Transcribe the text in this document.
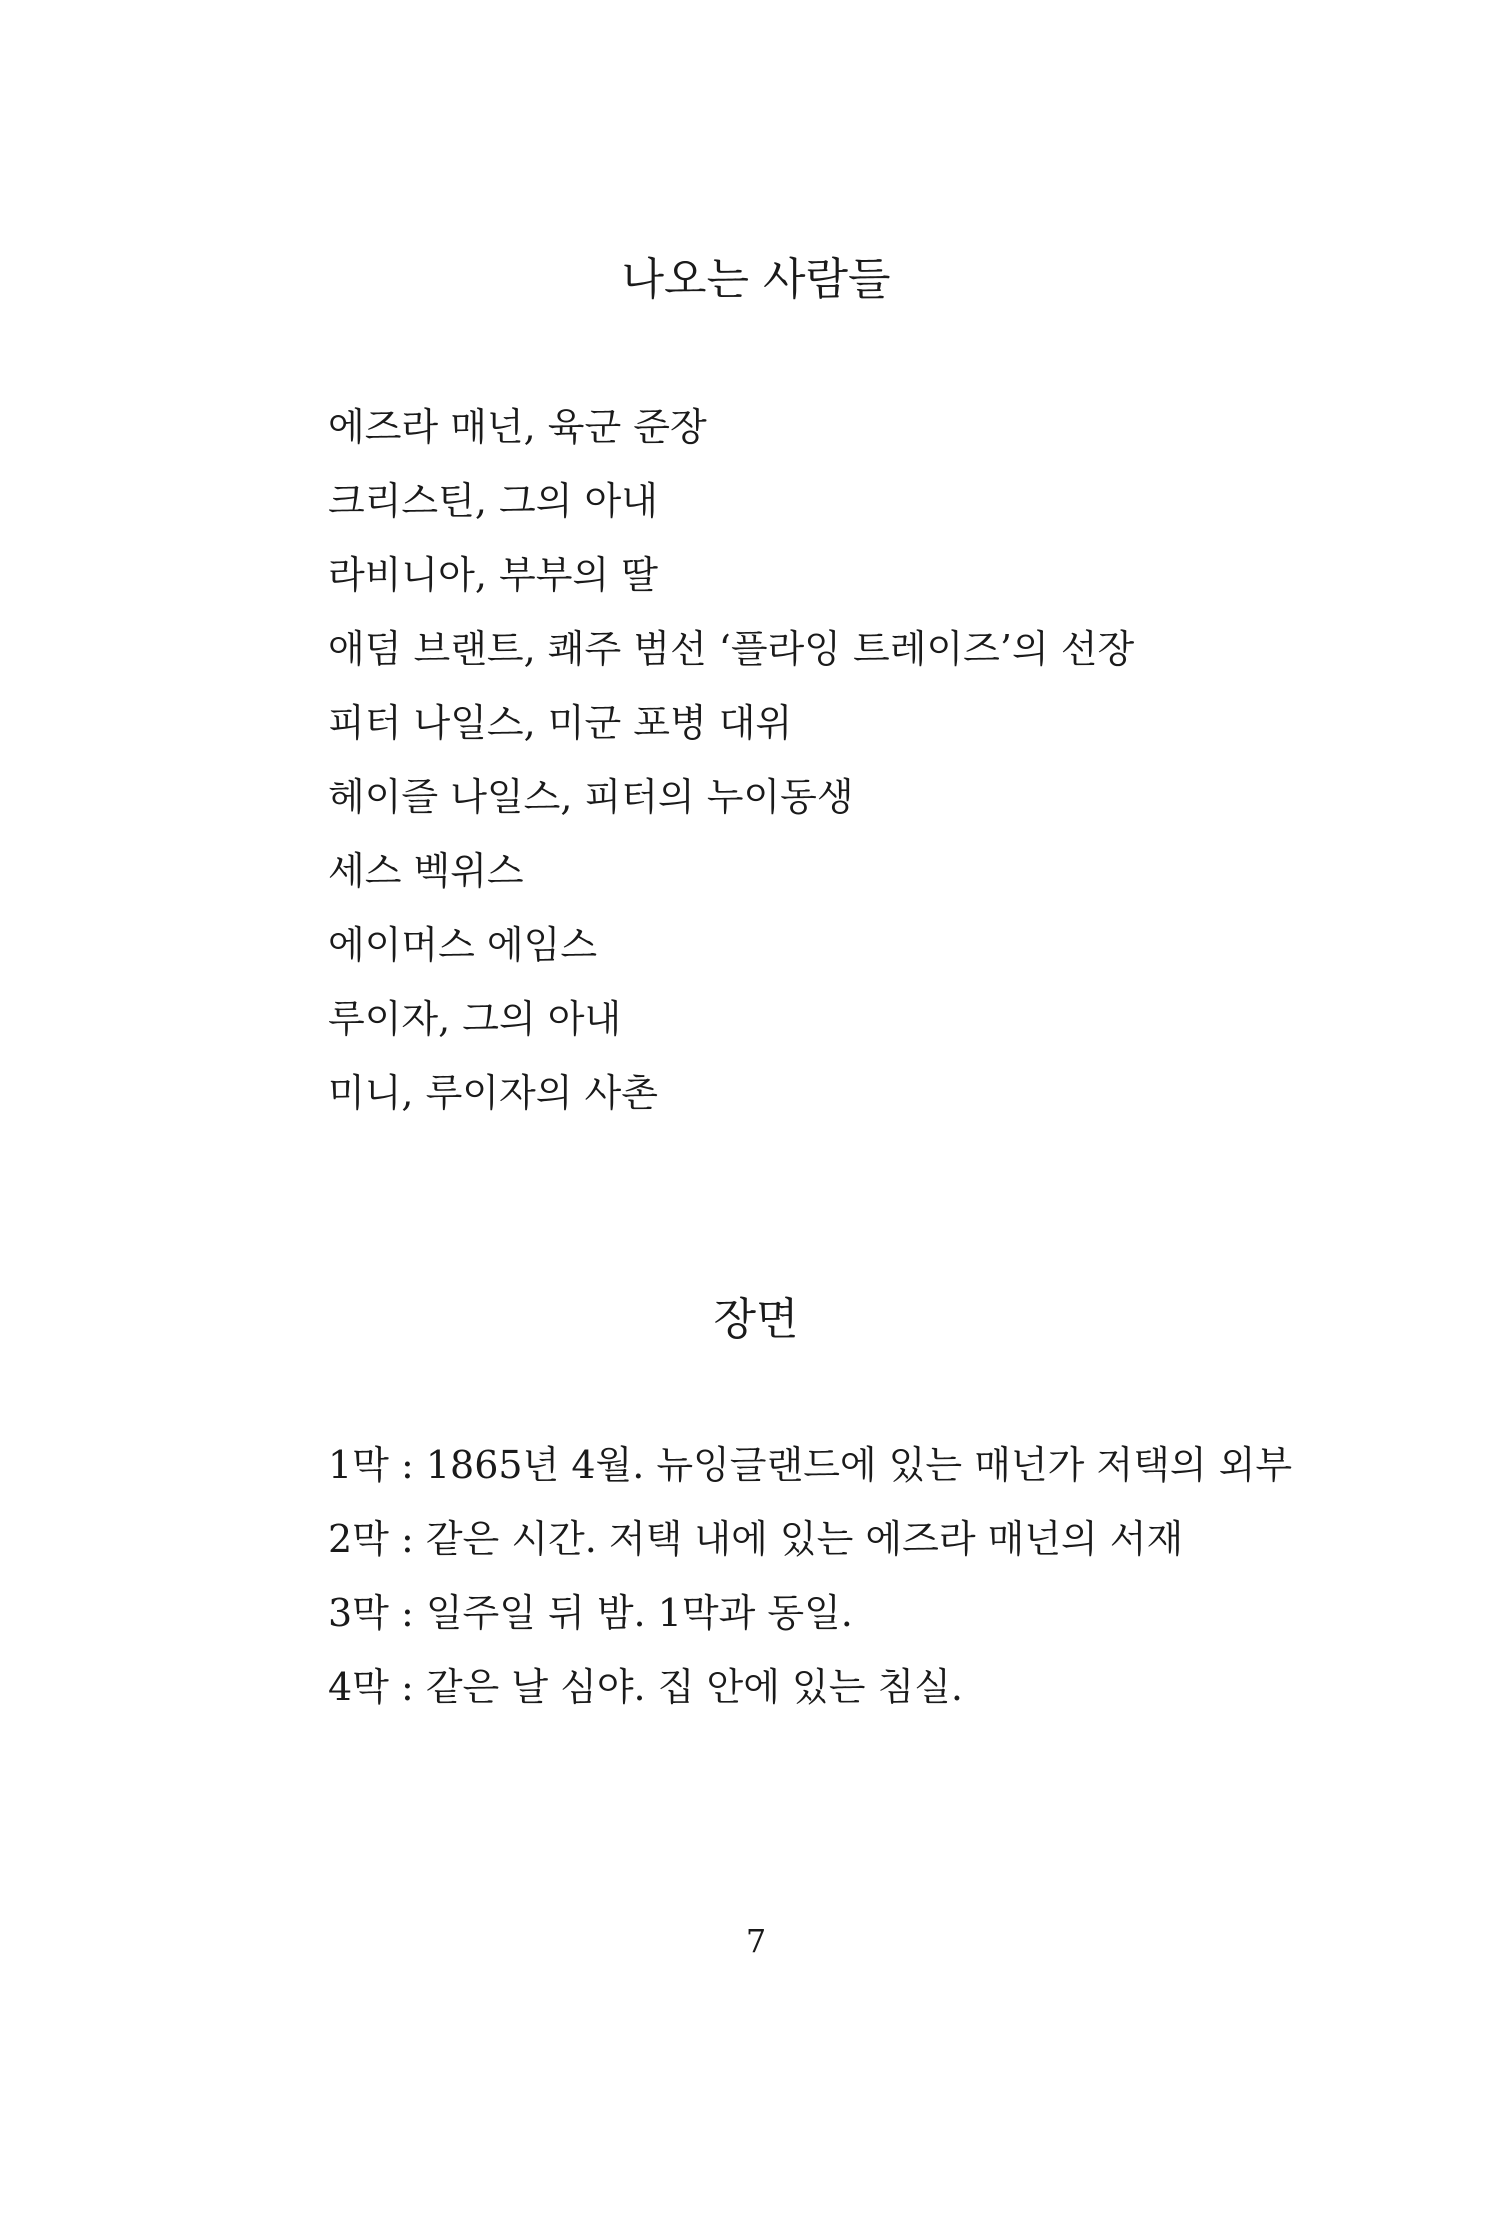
나오는 사람들
에즈라 매넌, 육군 준장
크리스틴, 그의 아내
라비니아, 부부의 딸
애덤 브랜트, 쾌주 범선 ‘플라잉 트레이즈’의 선장
피터 나일스, 미군 포병 대위
헤이즐 나일스, 피터의 누이동생
세스 벡위스
에이머스 에임스
루이자, 그의 아내
미니, 루이자의 사촌
장면
1막 : 1865년 4월. 뉴잉글랜드에 있는 매넌가 저택의 외부
2막 : 같은 시간. 저택 내에 있는 에즈라 매넌의 서재
3막 : 일주일 뒤 밤. 1막과 동일.
4막 : 같은 날 심야. 집 안에 있는 침실.
7
